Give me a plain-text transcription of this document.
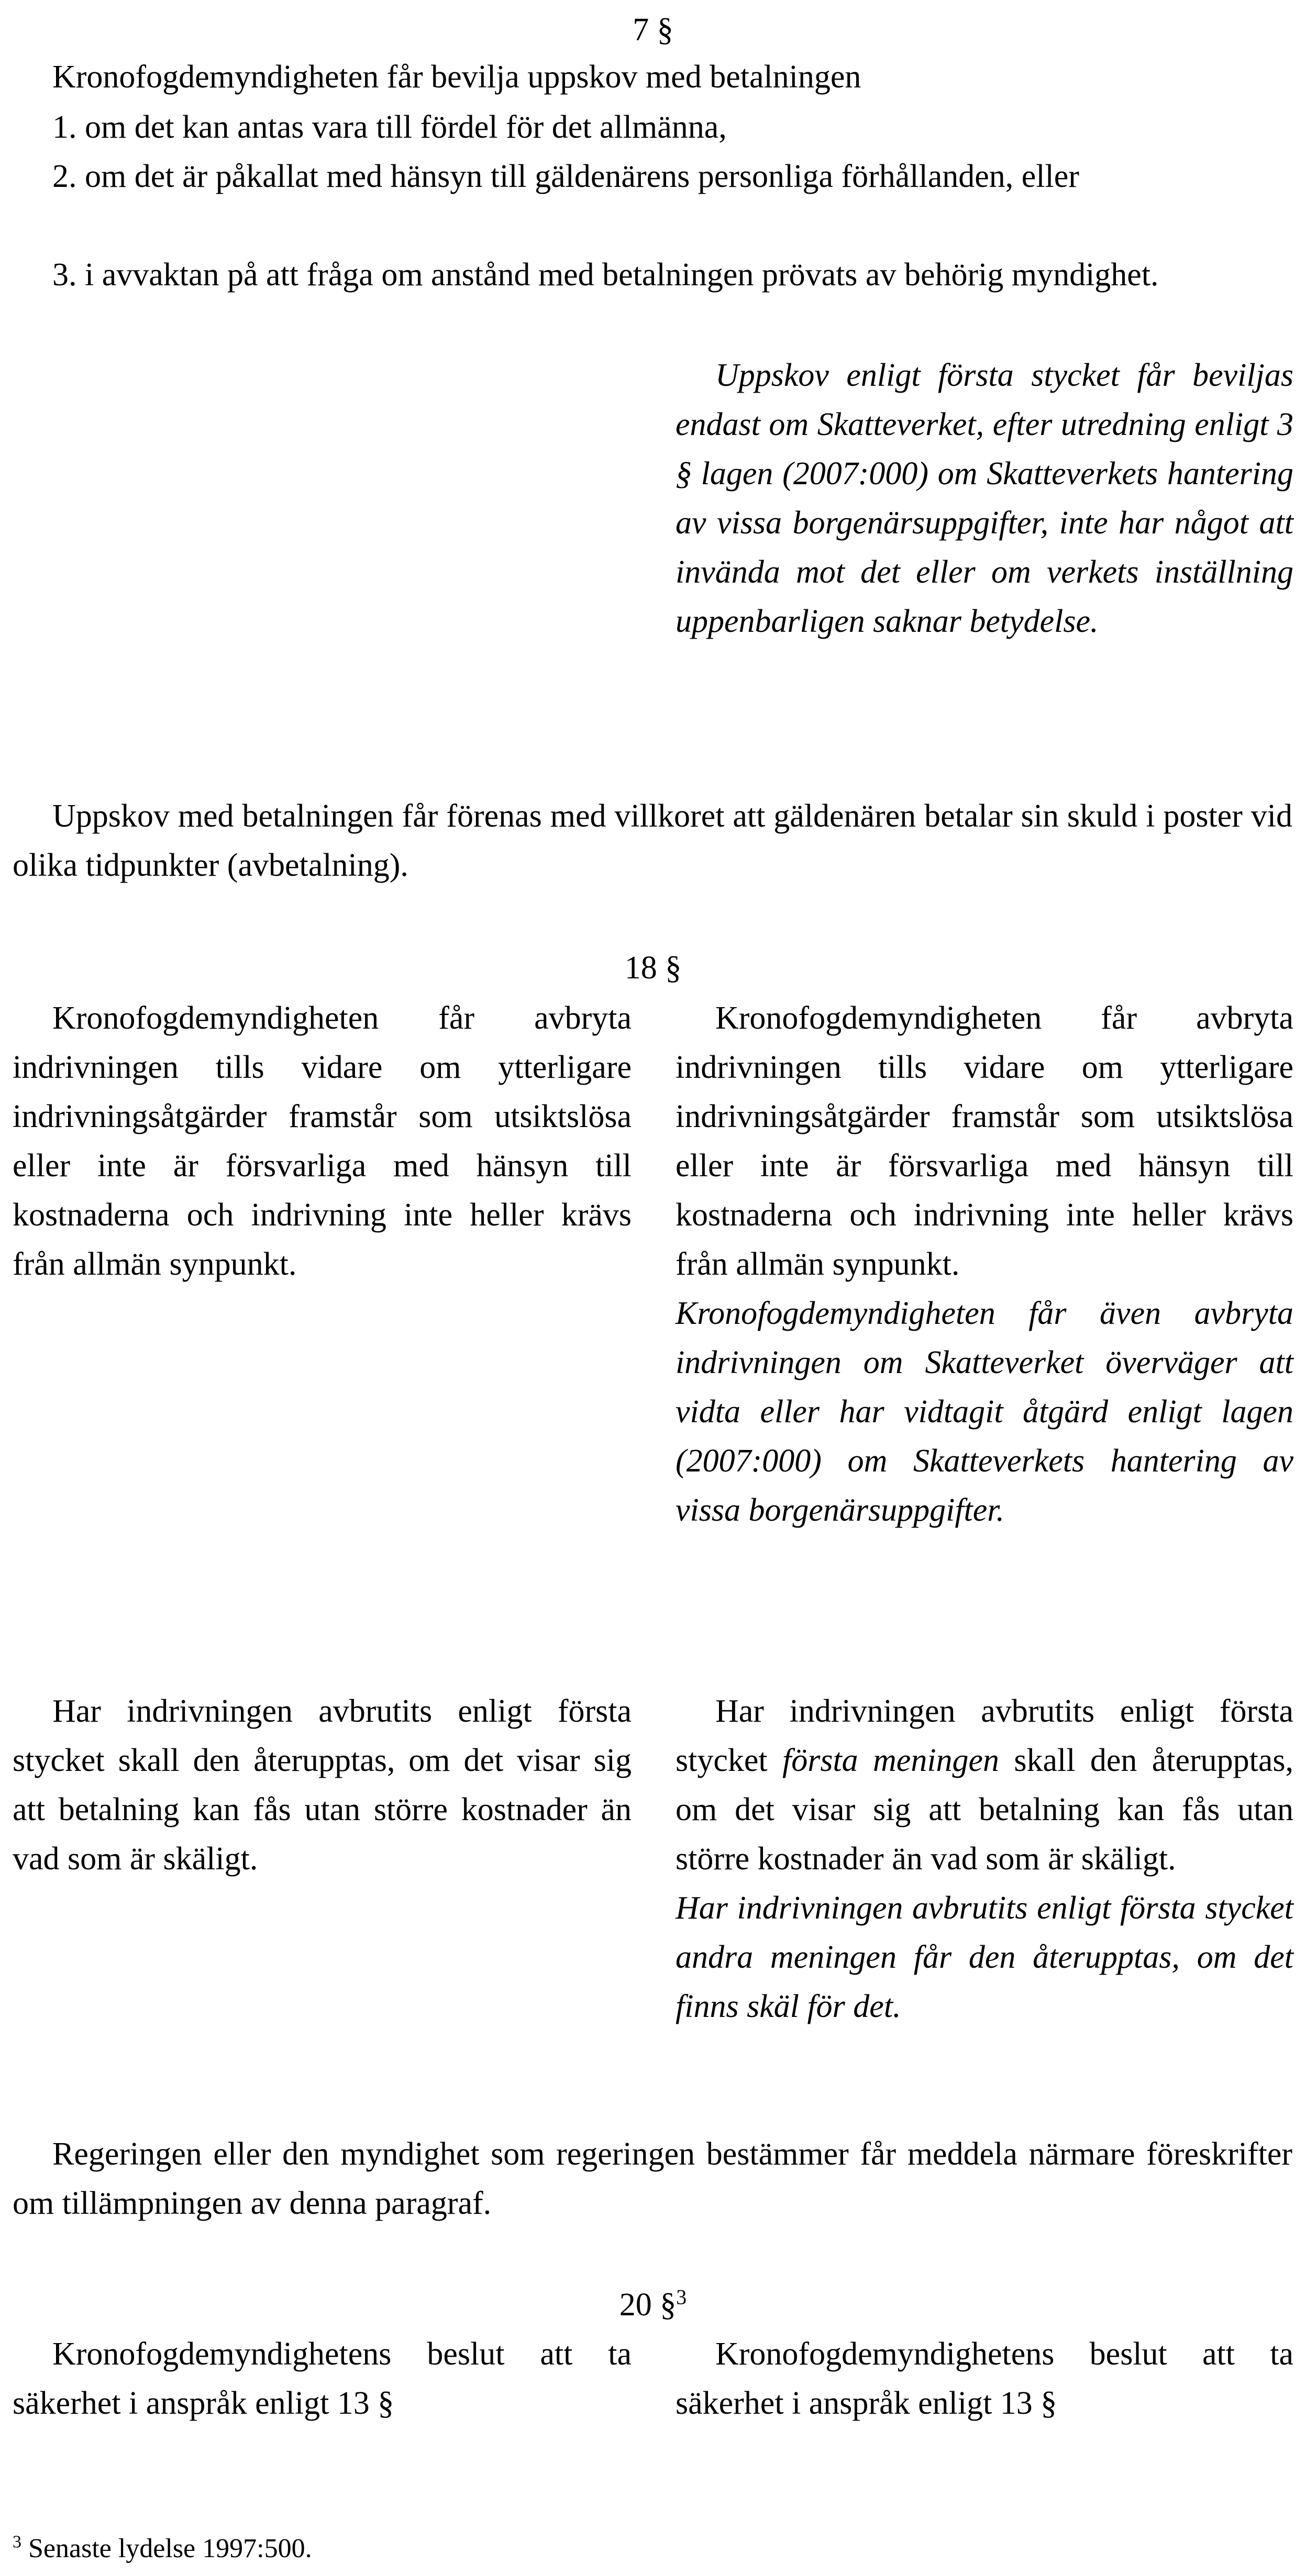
7 §

Kronofogdemyndigheten får bevilja uppskov med betalningen

1. om det kan antas vara till fördel för det allmänna,

2. om det är påkallat med hänsyn till gäldenärens personliga förhållanden, eller

3. i avvaktan på att fråga om anstånd med betalningen prövats av behörig myndighet.

Uppskov enligt första stycket får beviljas endast om Skatteverket, efter utredning enligt 3 § lagen (2007:000) om Skatteverkets hantering av vissa borgenärsuppgifter, inte har något att invända mot det eller om verkets inställning uppenbarligen saknar betydelse.

Uppskov med betalningen får förenas med villkoret att gäldenären betalar sin skuld i poster vid olika tidpunkter (avbetalning).

18 §

Kronofogdemyndigheten får avbryta indrivningen tills vidare om ytterligare indrivningsåtgärder framstår som utsiktslösa eller inte är försvarliga med hänsyn till kostnaderna och indrivning inte heller krävs från allmän synpunkt.

Kronofogdemyndigheten får avbryta indrivningen tills vidare om ytterligare indrivningsåtgärder framstår som utsiktslösa eller inte är försvarliga med hänsyn till kostnaderna och indrivning inte heller krävs från allmän synpunkt.

Kronofogdemyndigheten får även avbryta indrivningen om Skatteverket överväger att vidta eller har vidtagit åtgärd enligt lagen (2007:000) om Skatteverkets hantering av vissa borgenärsuppgifter.

Har indrivningen avbrutits enligt första stycket skall den återupptas, om det visar sig att betalning kan fås utan större kostnader än vad som är skäligt.

Har indrivningen avbrutits enligt första stycket första meningen skall den återupptas, om det visar sig att betalning kan fås utan större kostnader än vad som är skäligt.

Har indrivningen avbrutits enligt första stycket andra meningen får den återupptas, om det finns skäl för det.

Regeringen eller den myndighet som regeringen bestämmer får meddela närmare föreskrifter om tillämpningen av denna paragraf.

20 §$^3$

Kronofogdemyndighetens beslut att ta säkerhet i anspråk enligt 13 §

Kronofogdemyndighetens beslut att ta säkerhet i anspråk enligt 13 §

$^3$ Senaste lydelse 1997:500.
